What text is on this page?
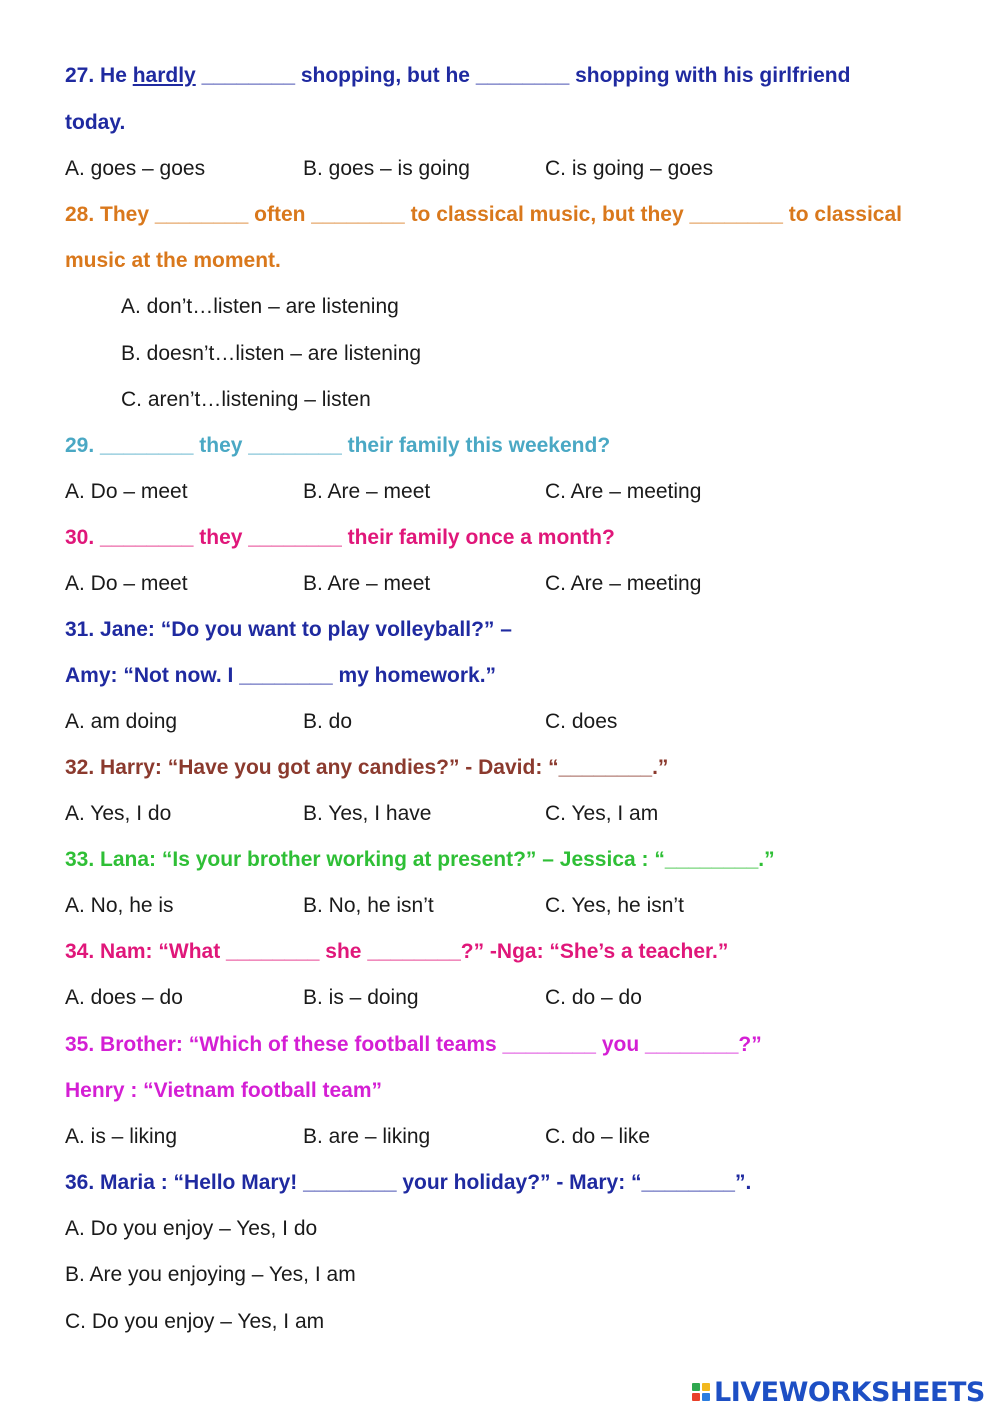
27. He hardly ________ shopping, but he ________ shopping with his girlfriend
today.
A. goes – goes	B. goes – is going	C. is going – goes
28. They ________ often ________ to classical music, but they ________ to classical
music at the moment.
A. don’t…listen – are listening
B. doesn’t…listen – are listening
C. aren’t…listening – listen
29. ________ they ________ their family this weekend?
A. Do – meet	B. Are – meet	C. Are – meeting
30. ________ they ________ their family once a month?
A. Do – meet	B. Are – meet	C. Are – meeting
31. Jane: “Do you want to play volleyball?” –
Amy: “Not now. I ________ my homework.”
A. am doing	B. do	C. does
32. Harry: “Have you got any candies?” - David: “________.”
A. Yes, I do	B. Yes, I have	C. Yes, I am
33. Lana: “Is your brother working at present?” – Jessica : “________.”
A. No, he is	B. No, he isn’t	C. Yes, he isn’t
34. Nam: “What ________ she ________?” -Nga: “She’s a teacher.”
A. does – do	B. is – doing	C. do – do
35. Brother: “Which of these football teams ________ you ________?”
Henry : “Vietnam football team”
A. is – liking	B. are – liking	C. do – like
36. Maria : “Hello Mary! ________ your holiday?” - Mary: “________”.
A. Do you enjoy – Yes, I do
B. Are you enjoying – Yes, I am
C. Do you enjoy – Yes, I am
LIVEWORKSHEETS
